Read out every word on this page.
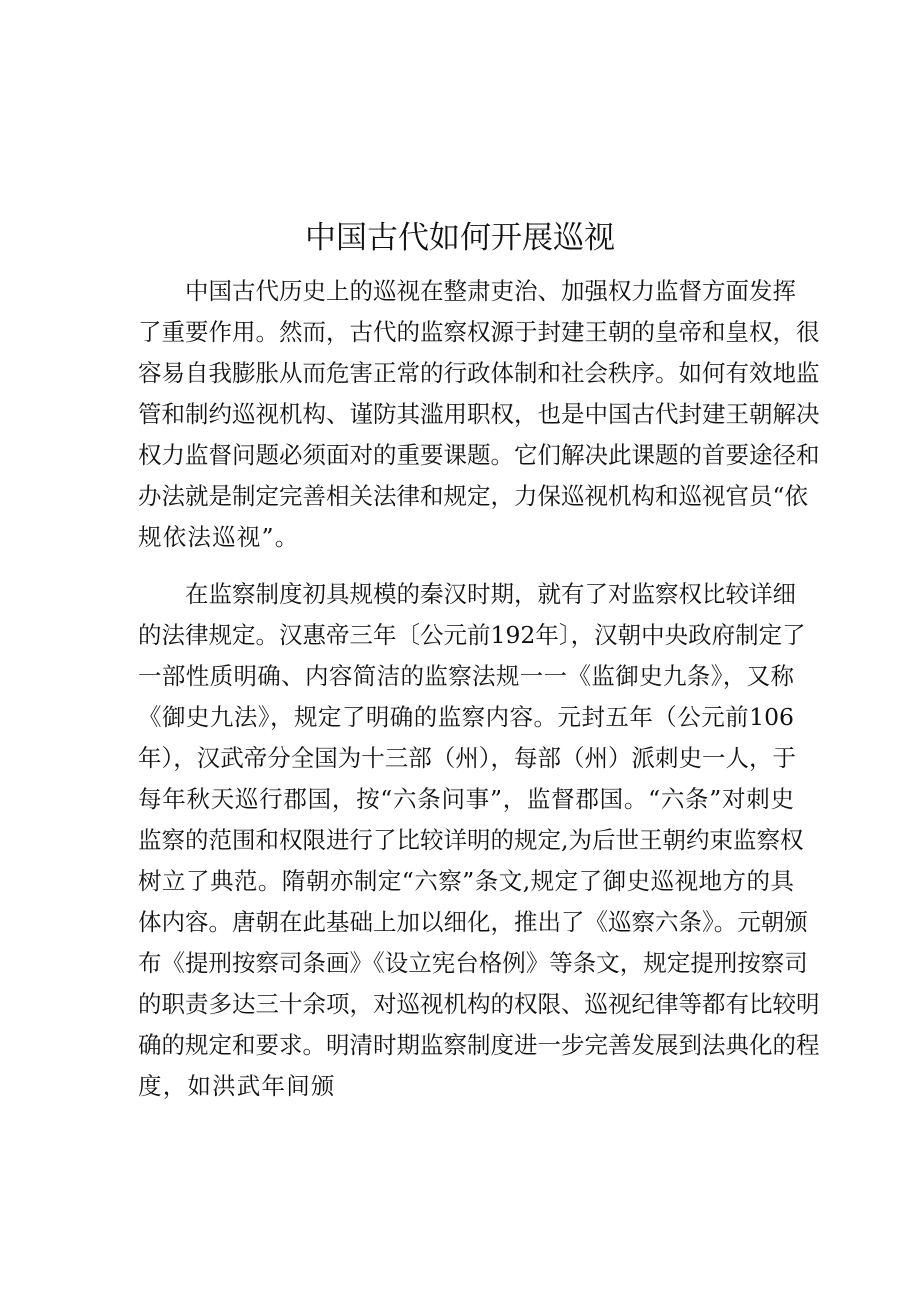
中国古代如何开展巡视
中国古代历史上的巡视在整肃吏治、加强权力监督方面发挥
了重要作用。然而，古代的监察权源于封建王朝的皇帝和皇权，很
容易自我膨胀从而危害正常的行政体制和社会秩序。如何有效地监
管和制约巡视机构、谨防其滥用职权，也是中国古代封建王朝解决
权力监督问题必须面对的重要课题。它们解决此课题的首要途径和
办法就是制定完善相关法律和规定，力保巡视机构和巡视官员“依
规依法巡视”。
在监察制度初具规模的秦汉时期，就有了对监察权比较详细
的法律规定。汉惠帝三年〔公元前192年〕，汉朝中央政府制定了
一部性质明确、内容简洁的监察法规一一《监御史九条》，又称
《御史九法》，规定了明确的监察内容。元封五年（公元前106
年），汉武帝分全国为十三部（州），每部（州）派刺史一人，于
每年秋天巡行郡国，按“六条问事”，监督郡国。“六条”对刺史
监察的范围和权限进行了比较详明的规定,为后世王朝约束监察权
树立了典范。隋朝亦制定“六察”条文,规定了御史巡视地方的具
体内容。唐朝在此基础上加以细化，推出了《巡察六条》。元朝颁
布《提刑按察司条画》《设立宪台格例》等条文，规定提刑按察司
的职责多达三十余项，对巡视机构的权限、巡视纪律等都有比较明
确的规定和要求。明清时期监察制度进一步完善发展到法典化的程
度，如洪武年间颁
